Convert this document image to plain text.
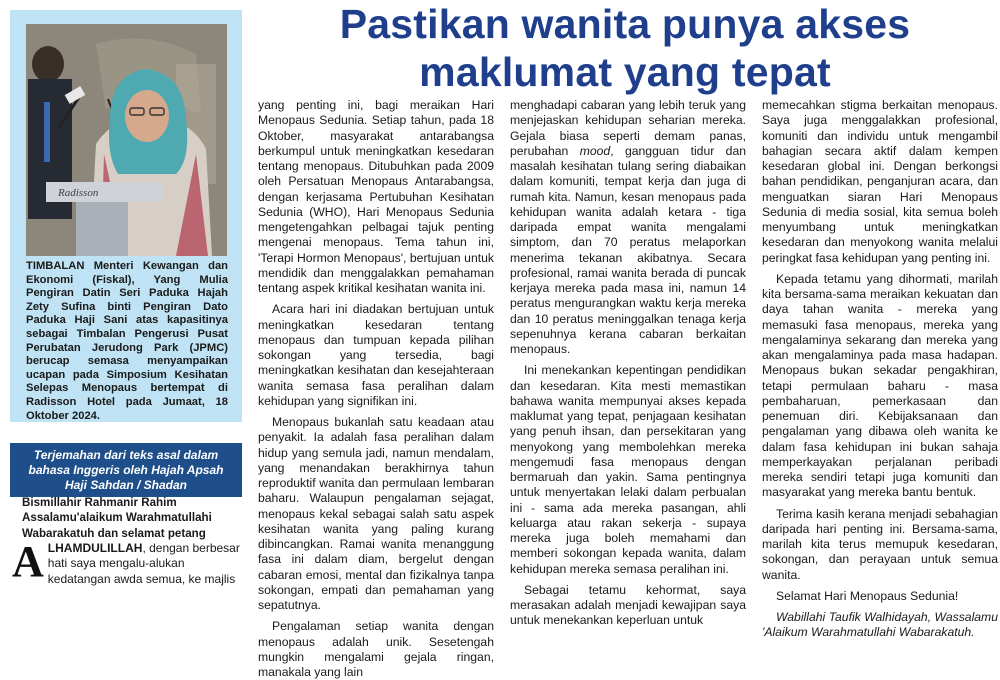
Pastikan wanita punya akses
maklumat yang tepat
Radisson
TIMBALAN Menteri Kewangan dan Ekonomi (Fiskal), Yang Mulia Pengiran Datin Seri Paduka Hajah Zety Sufina binti Pengiran Dato Paduka Haji Sani atas kapasitinya sebagai Timbalan Pengerusi Pusat Perubatan Jerudong Park (JPMC) berucap semasa menyampaikan ucapan pada Simposium Kesihatan Selepas Menopaus bertempat di Radisson Hotel pada Jumaat, 18 Oktober 2024.
Terjemahan dari teks asal dalam bahasa Inggeris oleh Hajah Apsah Haji Sahdan / Shadan
Bismillahir Rahmanir Rahim
Assalamu'alaikum Warahmatullahi
Wabarakatuh dan selamat petang
ALHAMDULILLAH, dengan berbesar hati saya mengalu-alukan kedatangan awda semua, ke majlis

yang penting ini, bagi meraikan Hari Menopaus Sedunia. Setiap tahun, pada 18 Oktober, masyarakat antarabangsa berkumpul untuk meningkatkan kesedaran tentang menopaus. Ditubuhkan pada 2009 oleh Persatuan Menopaus Antarabangsa, dengan kerjasama Pertubuhan Kesihatan Sedunia (WHO), Hari Menopaus Sedunia mengetengahkan pelbagai tajuk penting mengenai menopaus. Tema tahun ini, 'Terapi Hormon Menopaus', bertujuan untuk mendidik dan menggalakkan pemahaman tentang aspek kritikal kesihatan wanita ini.

Acara hari ini diadakan bertujuan untuk meningkatkan kesedaran tentang menopaus dan tumpuan kepada pilihan sokongan yang tersedia, bagi meningkatkan kesihatan dan kesejahteraan wanita semasa fasa peralihan dalam kehidupan yang signifikan ini.

Menopaus bukanlah satu keadaan atau penyakit. Ia adalah fasa peralihan dalam hidup yang semula jadi, namun mendalam, yang menandakan berakhirnya tahun reproduktif wanita dan permulaan lembaran baharu. Walaupun pengalaman sejagat, menopaus kekal sebagai salah satu aspek kesihatan wanita yang paling kurang dibincangkan. Ramai wanita menanggung fasa ini dalam diam, bergelut dengan cabaran emosi, mental dan fizikalnya tanpa sokongan, empati dan pemahaman yang sepatutnya.

Pengalaman setiap wanita dengan menopaus adalah unik. Sesetengah mungkin mengalami gejala ringan, manakala yang lain

menghadapi cabaran yang lebih teruk yang menjejaskan kehidupan seharian mereka. Gejala biasa seperti demam panas, perubahan mood, gangguan tidur dan masalah kesihatan tulang sering diabaikan dalam komuniti, tempat kerja dan juga di rumah kita. Namun, kesan menopaus pada kehidupan wanita adalah ketara - tiga daripada empat wanita mengalami simptom, dan 70 peratus melaporkan menerima tekanan akibatnya. Secara profesional, ramai wanita berada di puncak kerjaya mereka pada masa ini, namun 14 peratus mengurangkan waktu kerja mereka dan 10 peratus meninggalkan tenaga kerja sepenuhnya kerana cabaran berkaitan menopaus.

Ini menekankan kepentingan pendidikan dan kesedaran. Kita mesti memastikan bahawa wanita mempunyai akses kepada maklumat yang tepat, penjagaan kesihatan yang penuh ihsan, dan persekitaran yang menyokong yang membolehkan mereka mengemudi fasa menopaus dengan bermaruah dan yakin. Sama pentingnya untuk menyertakan lelaki dalam perbualan ini - sama ada mereka pasangan, ahli keluarga atau rakan sekerja - supaya mereka juga boleh memahami dan memberi sokongan kepada wanita, dalam kehidupan mereka semasa peralihan ini.

Sebagai tetamu kehormat, saya merasakan adalah menjadi kewajipan saya untuk menekankan keperluan untuk

memecahkan stigma berkaitan menopaus. Saya juga menggalakkan profesional, komuniti dan individu untuk mengambil bahagian secara aktif dalam kempen kesedaran global ini. Dengan berkongsi bahan pendidikan, penganjuran acara, dan menguatkan siaran Hari Menopaus Sedunia di media sosial, kita semua boleh menyumbang untuk meningkatkan kesedaran dan menyokong wanita melalui peringkat fasa kehidupan yang penting ini.

Kepada tetamu yang dihormati, marilah kita bersama-sama meraikan kekuatan dan daya tahan wanita - mereka yang memasuki fasa menopaus, mereka yang mengalaminya sekarang dan mereka yang akan mengalaminya pada masa hadapan. Menopaus bukan sekadar pengakhiran, tetapi permulaan baharu - masa pembaharuan, pemerkasaan dan penemuan diri. Kebijaksanaan dan pengalaman yang dibawa oleh wanita ke dalam fasa kehidupan ini bukan sahaja memperkayakan perjalanan peribadi mereka sendiri tetapi juga komuniti dan masyarakat yang mereka bantu bentuk.

Terima kasih kerana menjadi sebahagian daripada hari penting ini. Bersama-sama, marilah kita terus memupuk kesedaran, sokongan, dan perayaan untuk semua wanita.

Selamat Hari Menopaus Sedunia!

Wabillahi Taufik Walhidayah, Wassalamu 'Alaikum Warahmatullahi Wabarakatuh.
